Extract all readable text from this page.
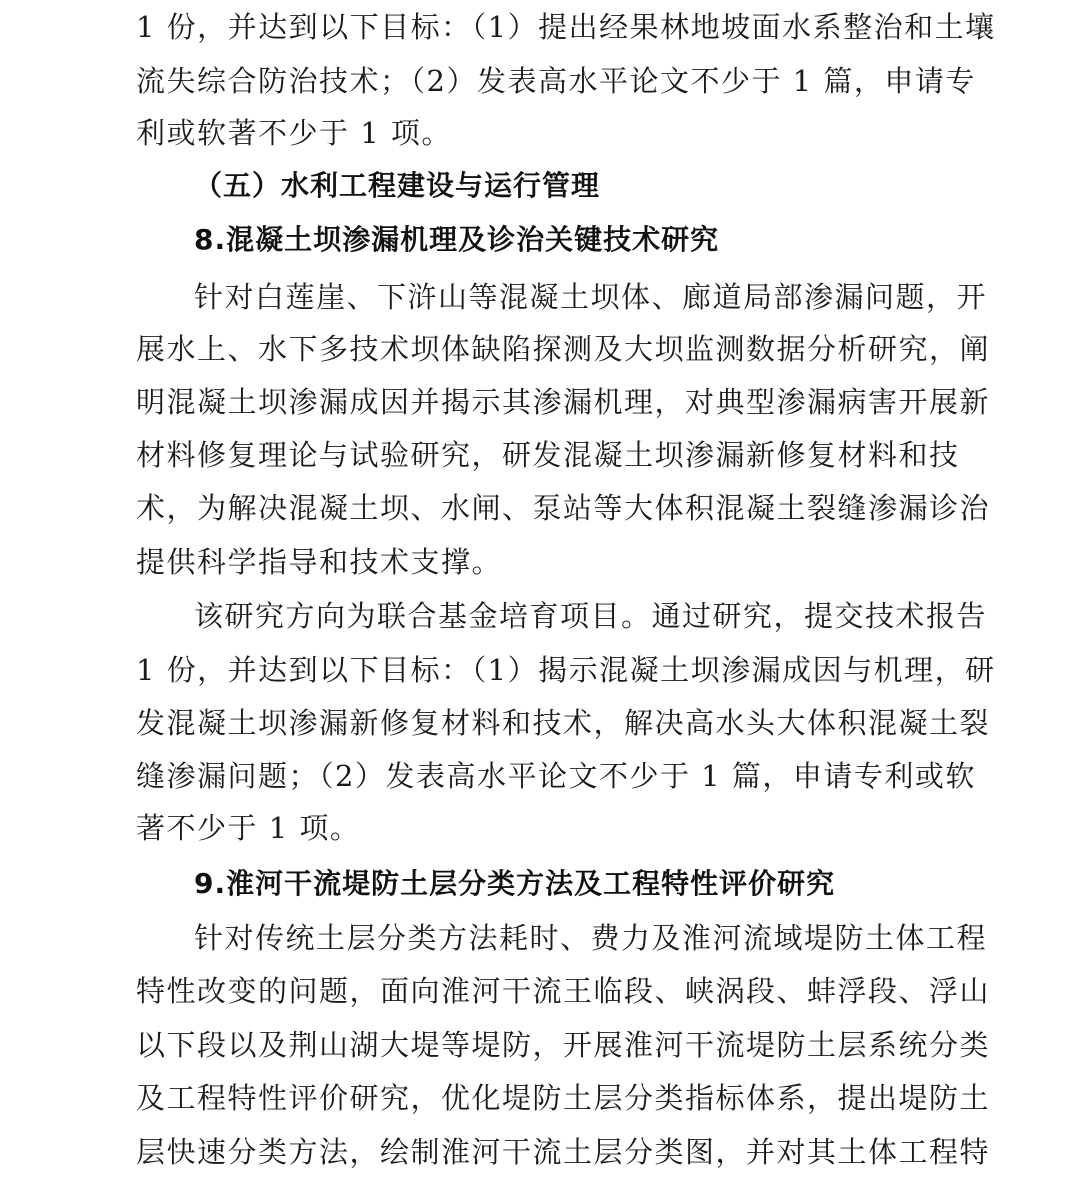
1 份，并达到以下目标：（1）提出经果林地坡面水系整治和土壤
流失综合防治技术；（2）发表高水平论文不少于 1 篇，申请专
利或软著不少于 1 项。
（五）水利工程建设与运行管理
8.混凝土坝渗漏机理及诊治关键技术研究
针对白莲崖、下浒山等混凝土坝体、廊道局部渗漏问题，开
展水上、水下多技术坝体缺陷探测及大坝监测数据分析研究，阐
明混凝土坝渗漏成因并揭示其渗漏机理，对典型渗漏病害开展新
材料修复理论与试验研究，研发混凝土坝渗漏新修复材料和技
术，为解决混凝土坝、水闸、泵站等大体积混凝土裂缝渗漏诊治
提供科学指导和技术支撑。
该研究方向为联合基金培育项目。通过研究，提交技术报告
1 份，并达到以下目标：（1）揭示混凝土坝渗漏成因与机理，研
发混凝土坝渗漏新修复材料和技术，解决高水头大体积混凝土裂
缝渗漏问题；（2）发表高水平论文不少于 1 篇，申请专利或软
著不少于 1 项。
9.淮河干流堤防土层分类方法及工程特性评价研究
针对传统土层分类方法耗时、费力及淮河流域堤防土体工程
特性改变的问题，面向淮河干流王临段、峡涡段、蚌浮段、浮山
以下段以及荆山湖大堤等堤防，开展淮河干流堤防土层系统分类
及工程特性评价研究，优化堤防土层分类指标体系，提出堤防土
层快速分类方法，绘制淮河干流土层分类图，并对其土体工程特
